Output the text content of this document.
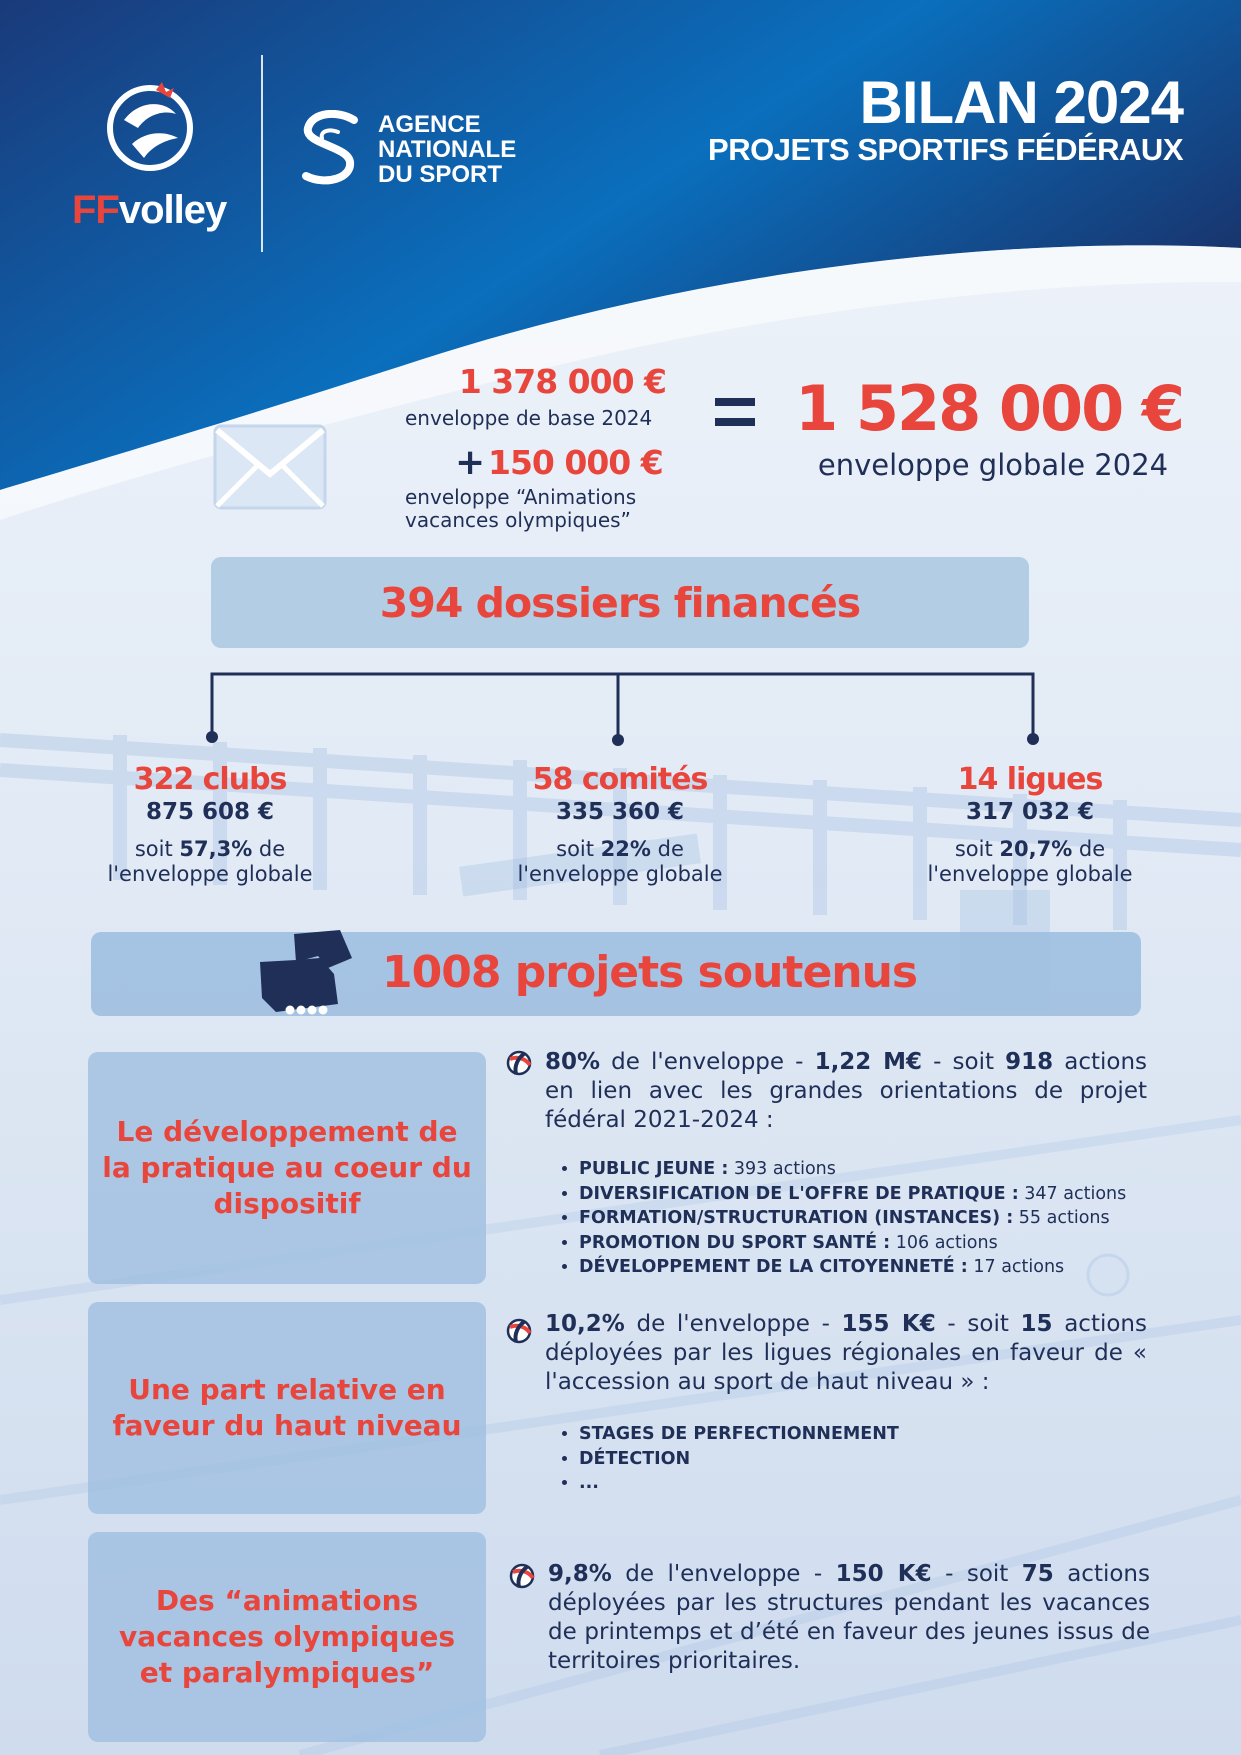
FFvolley
AGENCE
NATIONALE
DU SPORT
BILAN 2024
PROJETS SPORTIFS FÉDÉRAUX
1 378 000 €
enveloppe de base 2024
+ 150 000 €
enveloppe “Animations vacances olympiques”
1 528 000 €
enveloppe globale 2024
394 dossiers financés
322 clubs
875 608 €
soit 57,3% de
l'enveloppe globale
58 comités
335 360 €
soit 22% de
l'enveloppe globale
14 ligues
317 032 €
soit 20,7% de
l'enveloppe globale
1008 projets soutenus
Le développement de la pratique au coeur du dispositif
80% de l'enveloppe - 1,22 M€ - soit 918 actions en lien avec les grandes orientations de projet fédéral 2021-2024 :
• PUBLIC JEUNE : 393 actions
• DIVERSIFICATION DE L'OFFRE DE PRATIQUE : 347 actions
• FORMATION/STRUCTURATION (INSTANCES) : 55 actions
• PROMOTION DU SPORT SANTÉ : 106 actions
• DÉVELOPPEMENT DE LA CITOYENNETÉ : 17 actions
Une part relative en faveur du haut niveau
10,2% de l'enveloppe - 155 K€ - soit 15 actions déployées par les ligues régionales en faveur de « l'accession au sport de haut niveau » :
• STAGES DE PERFECTIONNEMENT
• DÉTECTION
• ...
Des “animations vacances olympiques et paralympiques”
9,8% de l'enveloppe - 150 K€ - soit 75 actions déployées par les structures pendant les vacances de printemps et d’été en faveur des jeunes issus de territoires prioritaires.
